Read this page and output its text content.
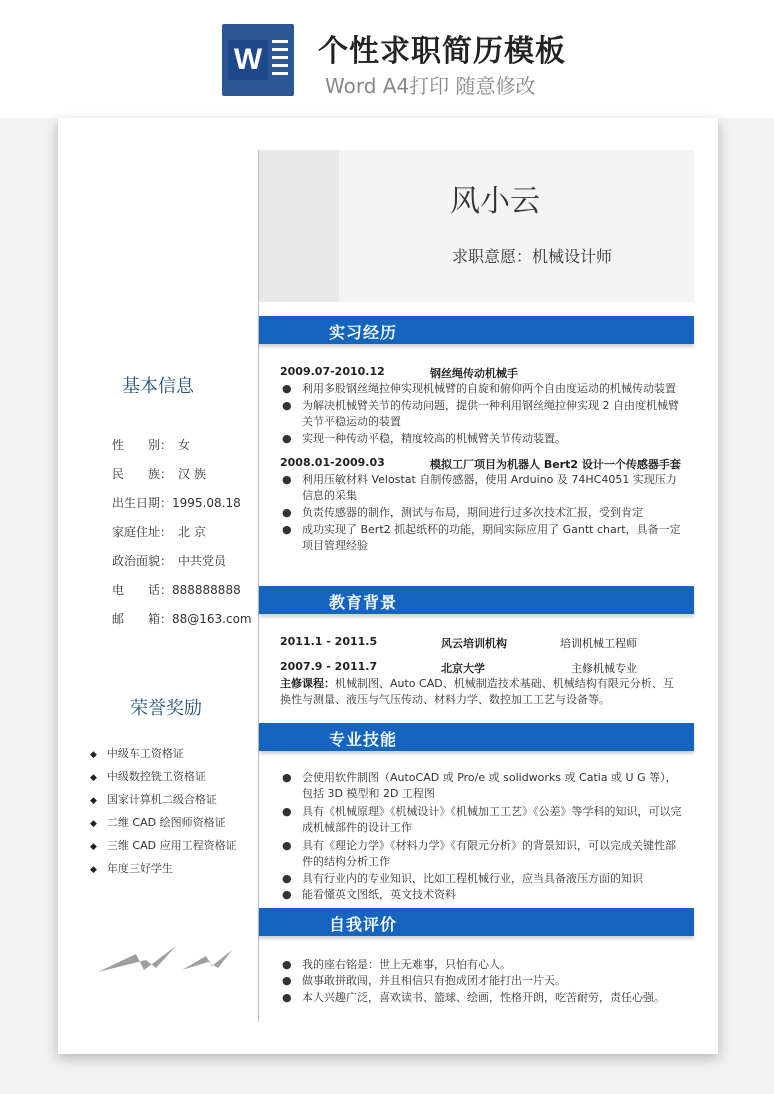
W 个性求职简历模板
Word A4打印 随意修改
风小云
求职意愿：机械设计师
基本信息
性　　别：　女
民　　族：　汉 族
出生日期：1995.08.18
家庭住址：　北 京
政治面貌：　中共党员
电　　话：888888888
邮　　箱：88@163.com
荣誉奖励
◆ 中级车工资格证
◆ 中级数控铣工资格证
◆ 国家计算机二级合格证
◆ 二维 CAD 绘图师资格证
◆ 三维 CAD 应用工程资格证
◆ 年度三好学生
实习经历
2009.07-2010.12	钢丝绳传动机械手
● 利用多股钢丝绳拉伸实现机械臂的自旋和俯仰两个自由度运动的机械传动装置
● 为解决机械臂关节的传动问题，提供一种利用钢丝绳拉伸实现 2 自由度机械臂关节平稳运动的装置
● 实现一种传动平稳，精度较高的机械臂关节传动装置。
2008.01-2009.03	模拟工厂项目为机器人 Bert2 设计一个传感器手套
● 利用压敏材料 Velostat 自制传感器，使用 Arduino 及 74HC4051 实现压力信息的采集
● 负责传感器的制作，测试与布局，期间进行过多次技术汇报，受到肯定
● 成功实现了 Bert2 抓起纸杯的功能，期间实际应用了 Gantt chart，具备一定项目管理经验
教育背景
2011.1 - 2011.5	风云培训机构	培训机械工程师
2007.9 - 2011.7	北京大学	主修机械专业
主修课程：机械制图、Auto CAD、机械制造技术基础、机械结构有限元分析、互换性与测量、液压与气压传动、材料力学、数控加工工艺与设备等。
专业技能
● 会使用软件制图（AutoCAD 或 Pro/e 或 solidworks 或 Catia 或 U G 等），包括 3D 模型和 2D 工程图
● 具有《机械原理》《机械设计》《机械加工工艺》《公差》等学科的知识，可以完成机械部件的设计工作
● 具有《理论力学》《材料力学》《有限元分析》的背景知识，可以完成关键性部件的结构分析工作
● 具有行业内的专业知识，比如工程机械行业，应当具备液压方面的知识
● 能看懂英文图纸，英文技术资料
自我评价
● 我的座右铭是：世上无难事，只怕有心人。
● 做事敢拼敢闯，并且相信只有抱成团才能打出一片天。
● 本人兴趣广泛，喜欢读书、篮球、绘画，性格开朗，吃苦耐劳，责任心强。
